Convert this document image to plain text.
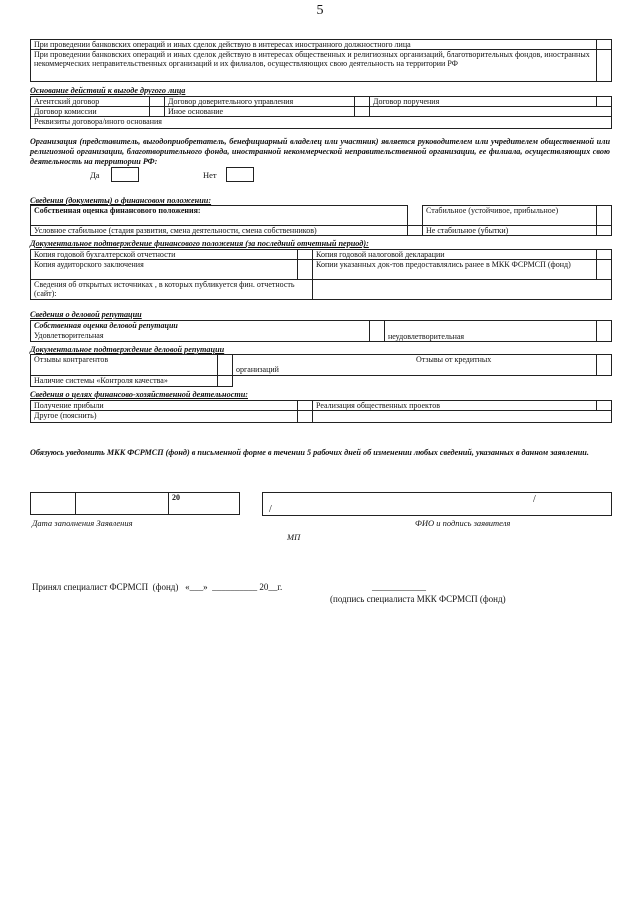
5
При проведении банковских операций и иных сделок действую в интересах иностранного должностного лица	
При проведении банковских операций и иных сделок действую в интересах общественных и религиозных организаций, благотворительных фондов, иностранных некоммерческих неправительственных организаций и их филиалов, осуществляющих свою деятельность на территории РФ	
Основание действий к выгоде другого лица
Агентский договор		Договор доверительного управления		Договор поручения	
Договор комиссии		Иное основание			
Реквизиты договора/иного основания					
Организация (представитель, выгодоприобретатель, бенефициарный владелец или участник) является руководителем или учредителем общественной или религиозной организации, благотворительного фонда, иностранной некоммерческой неправительственной организации, ее филиала, осуществляющих свою деятельность на территории РФ:
Да	Нет
Сведения (документы) о финансовом положении:
Собственная оценка финансового положения:		Стабильное (устойчивое, прибыльное)	
Условное стабильное (стадия развития, смена деятельности, смена собственников)		Не стабильное (убытки)	
Документальное подтверждение финансового положения (за последний отчетный период):
Копия годовой бухгалтерской отчетности		Копия годовой налоговой декларации	
Копия аудиторского заключения		Копии указанных док-тов предоставлялись ранее в МКК ФСРМСП (фонд)	
Сведения об открытых источниках , в которых публикуется фин. отчетность (сайт):			
Сведения о деловой репутации
Собственная оценка деловой репутации
Удовлетворительная		неудовлетворительная	
Документальное подтверждение деловой репутации
Отзывы контрагентов		Отзывы от кредитных
организаций	
Наличие системы «Контроля качества»			
Сведения о целях финансово-хозяйственной деятельности:
Получение прибыли		Реализация общественных проектов	
Другое (пояснить)			
Обязуюсь уведомить МКК ФСРМСП (фонд) в письменной форме в течении 5 рабочих дней об изменении любых сведений, указанных в данном заявлении.
		20	/
/
Дата заполнения Заявления	ФИО и подпись заявителя
МП
Принял специалист ФСРМСП  (фонд)   «___»  __________ 20__г.	____________
(подпись специалиста МКК ФСРМСП (фонд)
